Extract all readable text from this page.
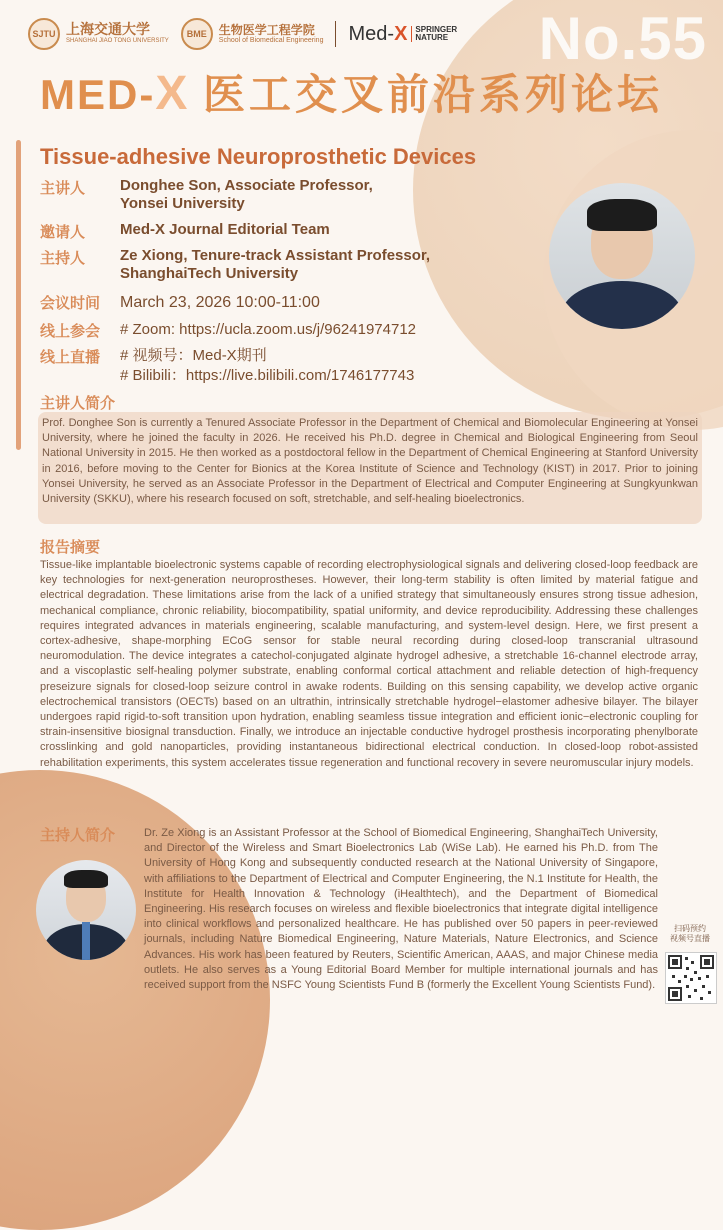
SJTU 上海交通大学
SHANGHAI JIAO TONG UNIVERSITY
BME	生物医学工程学院
School of Biomedical Engineering Med-X	SPRINGER
NATURE No.55
MED-X 医工交叉前沿系列论坛
Tissue-adhesive Neuroprosthetic Devices
主讲人	Donghee Son, Associate Professor,
Yonsei University
邀请人	Med-X Journal Editorial Team
主持人	Ze Xiong, Tenure-track Assistant Professor,
ShanghaiTech University
会议时间	March 23, 2026 10:00-11:00
线上参会	# Zoom: https://ucla.zoom.us/j/96241974712
线上直播	# 视频号：Med-X期刊
# Bilibili：https://live.bilibili.com/1746177743
主讲人简介
Prof. Donghee Son is currently a Tenured Associate Professor in the Department of Chemical and Biomolecular Engineering at Yonsei University, where he joined the faculty in 2026. He received his Ph.D. degree in Chemical and Biological Engineering from Seoul National University in 2015. He then worked as a postdoctoral fellow in the Department of Chemical Engineering at Stanford University in 2016, before moving to the Center for Bionics at the Korea Institute of Science and Technology (KIST) in 2017. Prior to joining Yonsei University, he served as an Associate Professor in the Department of Electrical and Computer Engineering at Sungkyunkwan University (SKKU), where his research focused on soft, stretchable, and self-healing bioelectronics.
报告摘要
Tissue-like implantable bioelectronic systems capable of recording electrophysiological signals and delivering closed-loop feedback are key technologies for next-generation neuroprostheses. However, their long-term stability is often limited by material fatigue and electrical degradation. These limitations arise from the lack of a unified strategy that simultaneously ensures strong tissue adhesion, mechanical compliance, chronic reliability, biocompatibility, spatial uniformity, and device reproducibility. Addressing these challenges requires integrated advances in materials engineering, scalable manufacturing, and system-level design. Here, we first present a cortex-adhesive, shape-morphing ECoG sensor for stable neural recording during closed-loop transcranial ultrasound neuromodulation. The device integrates a catechol-conjugated alginate hydrogel adhesive, a stretchable 16-channel electrode array, and a viscoplastic self-healing polymer substrate, enabling conformal cortical attachment and reliable detection of high-frequency preseizure signals for closed-loop seizure control in awake rodents. Building on this sensing capability, we develop active organic electrochemical transistors (OECTs) based on an ultrathin, intrinsically stretchable hydrogel−elastomer adhesive bilayer. The bilayer undergoes rapid rigid-to-soft transition upon hydration, enabling seamless tissue integration and efficient ionic−electronic coupling for strain-insensitive biosignal transduction. Finally, we introduce an injectable conductive hydrogel prosthesis incorporating phenylborate crosslinking and gold nanoparticles, providing instantaneous bidirectional electrical conduction. In closed-loop robot-assisted rehabilitation experiments, this system accelerates tissue regeneration and functional recovery in severe neuromuscular injury models.
主持人简介	Dr. Ze Xiong is an Assistant Professor at the School of Biomedical Engineering, ShanghaiTech University, and Director of the Wireless and Smart Bioelectronics Lab (WiSe Lab). He earned his Ph.D. from The University of Hong Kong and subsequently conducted research at the National University of Singapore, with affiliations to the Department of Electrical and Computer Engineering, the N.1 Institute for Health, the Institute for Health Innovation & Technology (iHealthtech), and the Department of Biomedical Engineering. His research focuses on wireless and flexible bioelectronics that integrate digital intelligence into clinical workflows and personalized healthcare. He has published over 50 papers in peer-reviewed journals, including Nature Biomedical Engineering, Nature Materials, Nature Electronics, and Science Advances. His work has been featured by Reuters, Scientific American, AAAS, and major Chinese media outlets. He also serves as a Young Editorial Board Member for multiple international journals and has received support from the NSFC Young Scientists Fund B (formerly the Excellent Young Scientists Fund).
扫码预约
视频号直播
